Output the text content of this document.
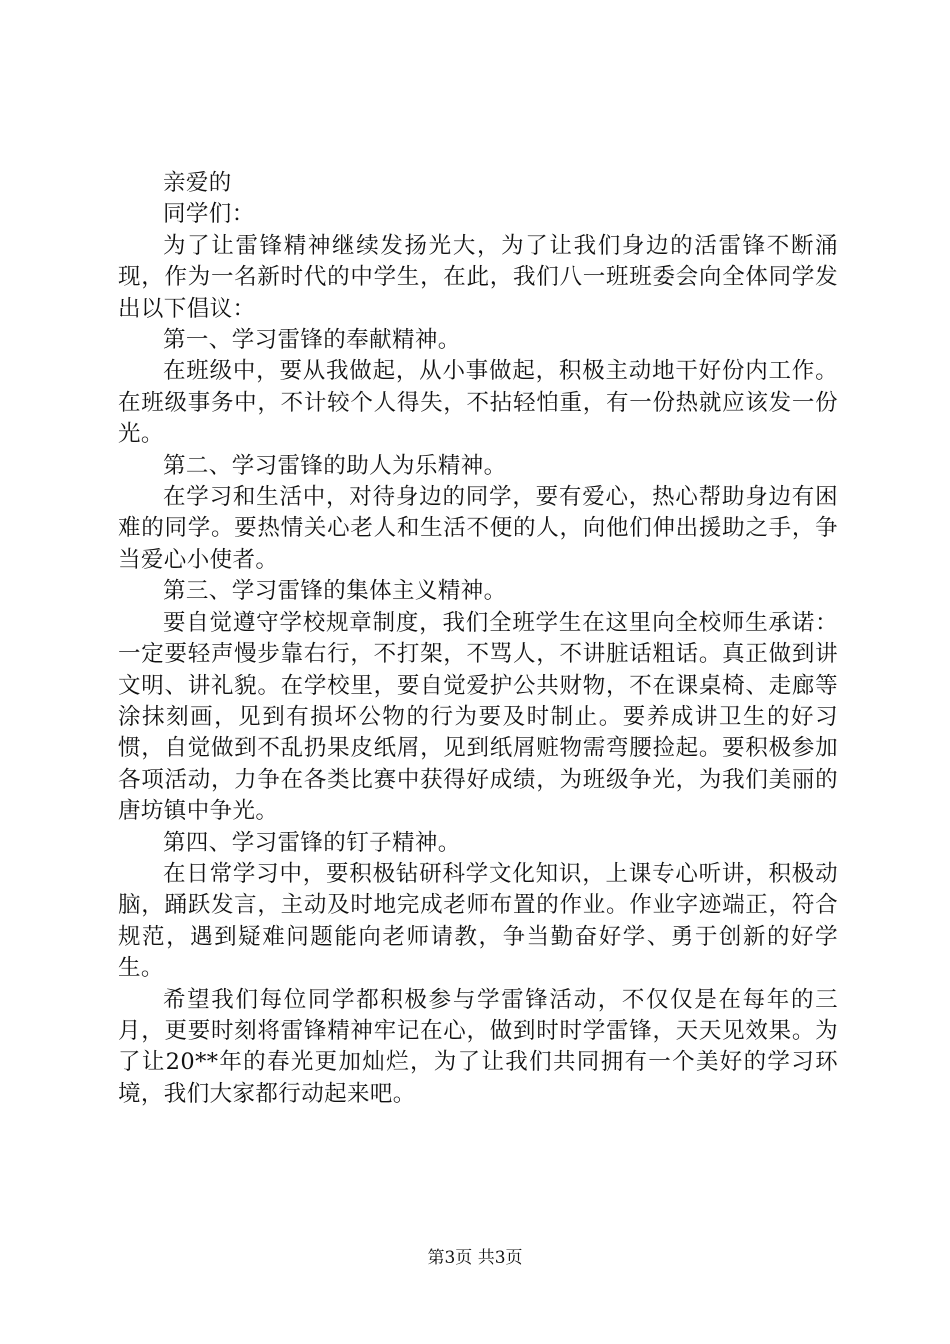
亲爱的

同学们：

为了让雷锋精神继续发扬光大，为了让我们身边的活雷锋不断涌现，作为一名新时代的中学生，在此，我们八一班班委会向全体同学发出以下倡议：

第一、学习雷锋的奉献精神。

在班级中，要从我做起，从小事做起，积极主动地干好份内工作。在班级事务中，不计较个人得失，不拈轻怕重，有一份热就应该发一份光。

第二、学习雷锋的助人为乐精神。

在学习和生活中，对待身边的同学，要有爱心，热心帮助身边有困难的同学。要热情关心老人和生活不便的人，向他们伸出援助之手，争当爱心小使者。

第三、学习雷锋的集体主义精神。

要自觉遵守学校规章制度，我们全班学生在这里向全校师生承诺：一定要轻声慢步靠右行，不打架，不骂人，不讲脏话粗话。真正做到讲文明、讲礼貌。在学校里，要自觉爱护公共财物，不在课桌椅、走廊等涂抹刻画，见到有损坏公物的行为要及时制止。要养成讲卫生的好习惯，自觉做到不乱扔果皮纸屑，见到纸屑赃物需弯腰捡起。要积极参加各项活动，力争在各类比赛中获得好成绩，为班级争光，为我们美丽的唐坊镇中争光。

第四、学习雷锋的钉子精神。

在日常学习中，要积极钻研科学文化知识，上课专心听讲，积极动脑，踊跃发言，主动及时地完成老师布置的作业。作业字迹端正，符合规范，遇到疑难问题能向老师请教，争当勤奋好学、勇于创新的好学生。

希望我们每位同学都积极参与学雷锋活动，不仅仅是在每年的三月，更要时刻将雷锋精神牢记在心，做到时时学雷锋，天天见效果。为了让20**年的春光更加灿烂，为了让我们共同拥有一个美好的学习环境，我们大家都行动起来吧。

第3页 共3页
